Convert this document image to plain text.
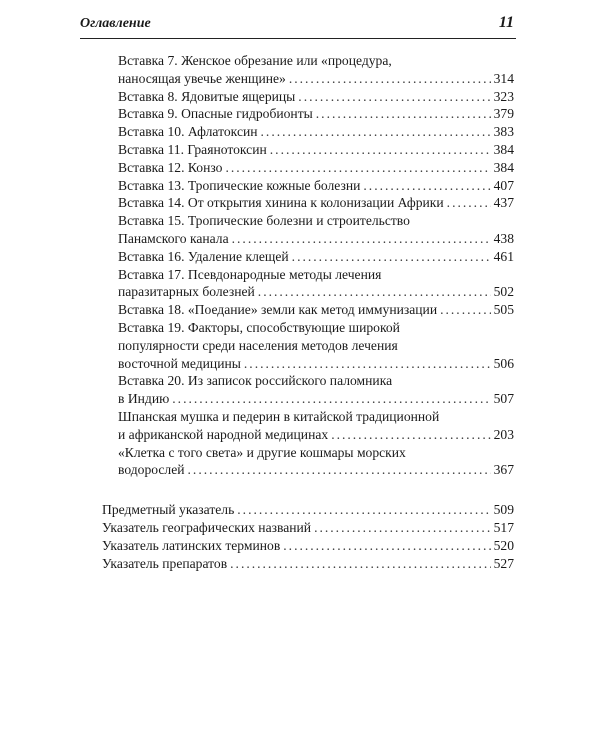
Оглавление	11
Вставка 7. Женское обрезание или «процедура,
наносящая увечье женщине» .....	314
Вставка 8. Ядовитые ящерицы .....	323
Вставка 9. Опасные гидробионты .....	379
Вставка 10. Афлатоксин .....	383
Вставка 11. Граянотоксин .....	384
Вставка 12. Конзо .....	384
Вставка 13. Тропические кожные болезни .....	407
Вставка 14. От открытия хинина к колонизации Африки .....	437
Вставка 15. Тропические болезни и строительство
Панамского канала .....	438
Вставка 16. Удаление клещей .....	461
Вставка 17. Псевдонародные методы лечения
паразитарных болезней .....	502
Вставка 18. «Поедание» земли как метод иммунизации .....	505
Вставка 19. Факторы, способствующие широкой
популярности среди населения методов лечения
восточной медицины .....	506
Вставка 20. Из записок российского паломника
в Индию .....	507
Шпанская мушка и педерин в китайской традиционной
и африканской народной медицинах .....	203
«Клетка с того света» и другие кошмары морских
водорослей .....	367
Предметный указатель .....	509
Указатель географических названий .....	517
Указатель латинских терминов .....	520
Указатель препаратов .....	527
